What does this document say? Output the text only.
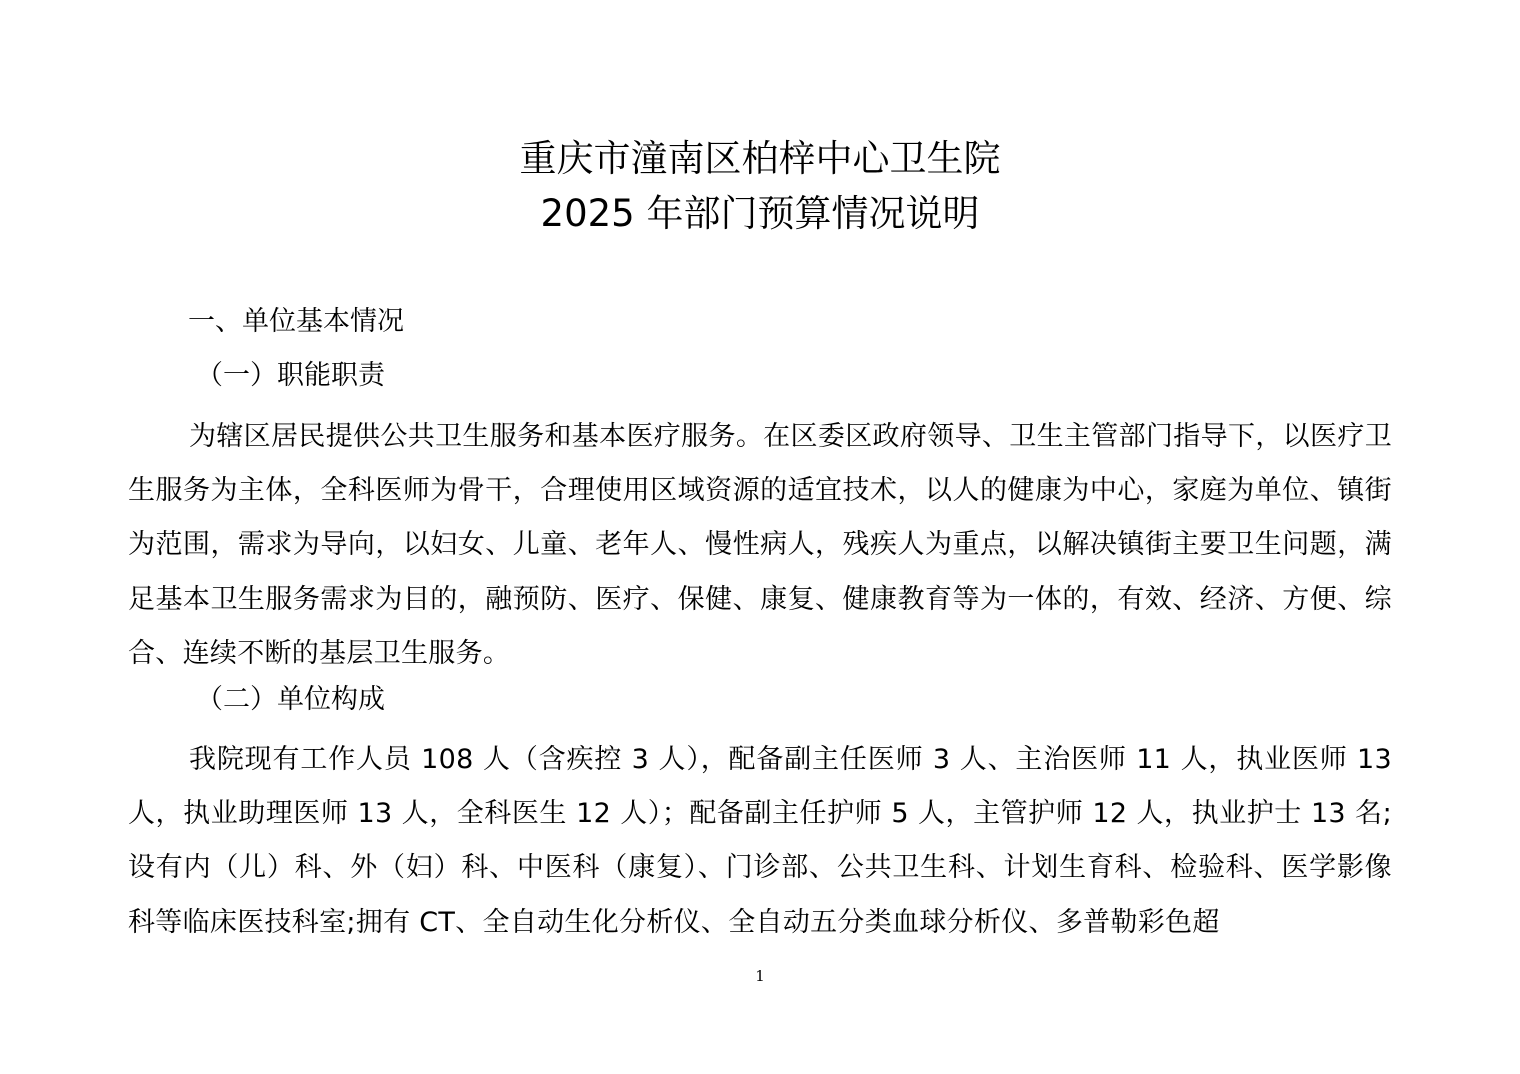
重庆市潼南区柏梓中心卫生院
2025 年部门预算情况说明
一、单位基本情况
（一）职能职责
为辖区居民提供公共卫生服务和基本医疗服务。在区委区政府领导、卫生主管部门指导下，以医疗卫生服务为主体，全科医师为骨干，合理使用区域资源的适宜技术，以人的健康为中心，家庭为单位、镇街为范围，需求为导向，以妇女、儿童、老年人、慢性病人，残疾人为重点，以解决镇街主要卫生问题，满足基本卫生服务需求为目的，融预防、医疗、保健、康复、健康教育等为一体的，有效、经济、方便、综合、连续不断的基层卫生服务。
（二）单位构成
我院现有工作人员 108 人（含疾控 3 人），配备副主任医师 3 人、主治医师 11 人，执业医师 13 人，执业助理医师 13 人，全科医生 12 人）；配备副主任护师 5 人，主管护师 12 人，执业护士 13 名;设有内（儿）科、外（妇）科、中医科（康复）、门诊部、公共卫生科、计划生育科、检验科、医学影像科等临床医技科室;拥有 CT、全自动生化分析仪、全自动五分类血球分析仪、多普勒彩色超
1
